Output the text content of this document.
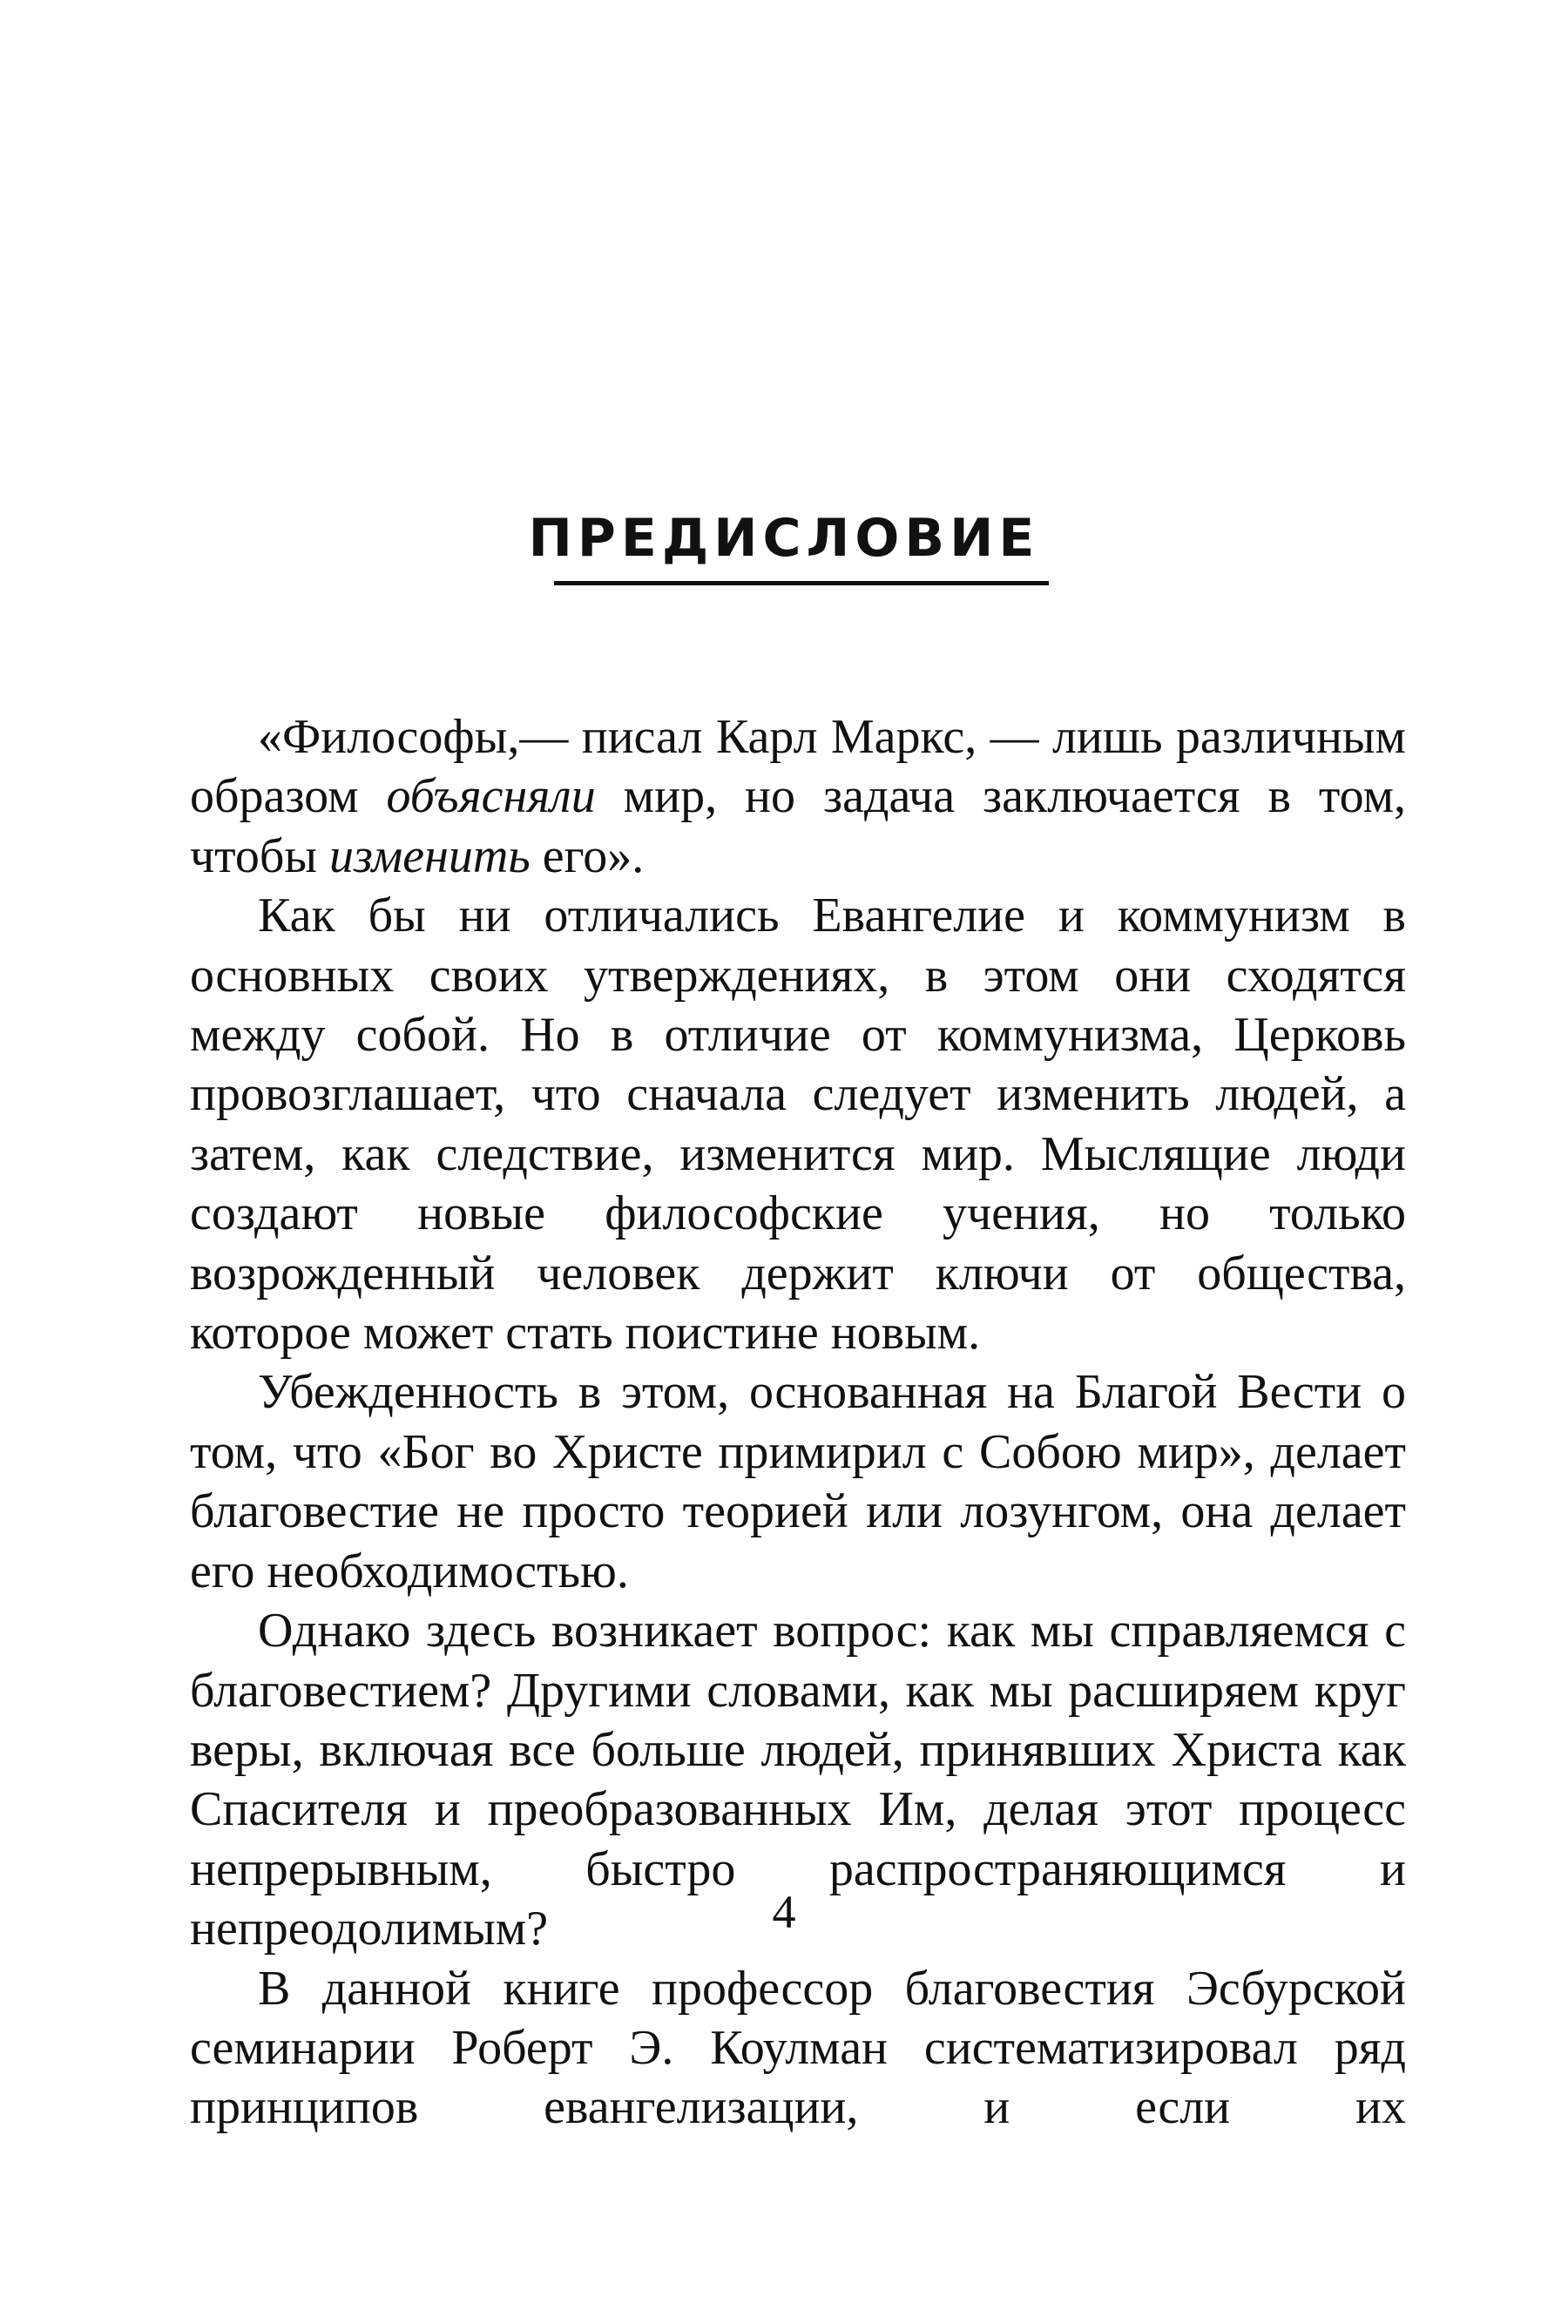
ПРЕДИСЛОВИЕ

«Философы,— писал Карл Маркс, — лишь различным образом объясняли мир, но задача заключается в том, чтобы изменить его».

Как бы ни отличались Евангелие и коммунизм в основных своих утверждениях, в этом они сходятся между собой. Но в отличие от коммунизма, Церковь провозглашает, что сначала следует изменить людей, а затем, как следствие, изменится мир. Мыслящие люди создают новые философские учения, но только возрожденный человек держит ключи от общества, которое может стать поистине новым.

Убежденность в этом, основанная на Благой Вести о том, что «Бог во Христе примирил с Собою мир», делает благовестие не просто теорией или лозунгом, она делает его необходимостью.

Однако здесь возникает вопрос: как мы справляемся с благовестием? Другими словами, как мы расширяем круг веры, включая все больше людей, принявших Христа как Спасителя и преобразованных Им, делая этот процесс непрерывным, быстро распространяющимся и непреодолимым?

В данной книге профессор благовестия Эсбурской семинарии Роберт Э. Коулман систематизировал ряд принципов евангелизации, и если их

4
